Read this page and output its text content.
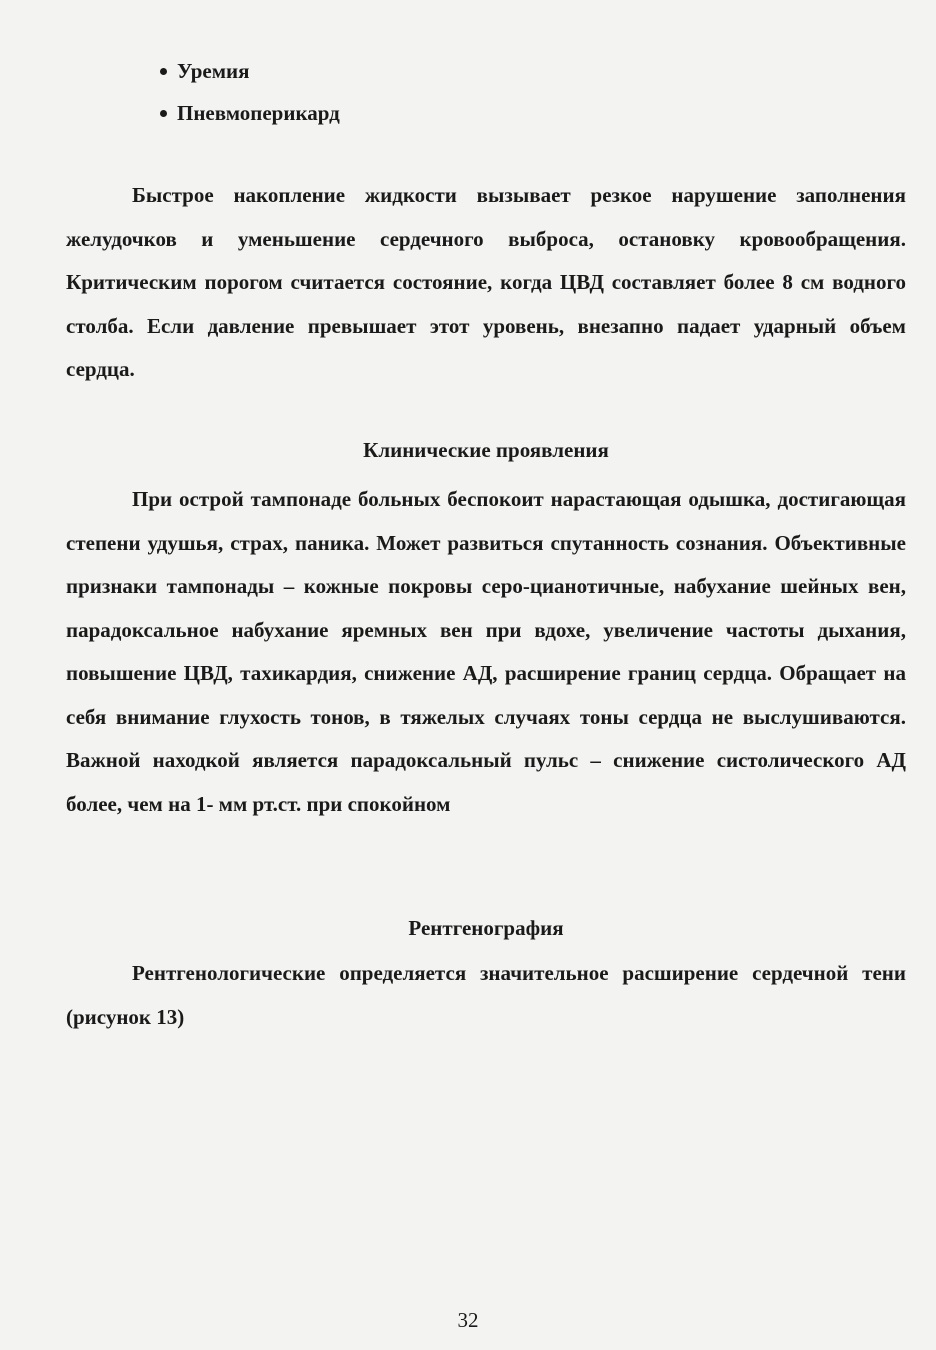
Уремия
Пневмоперикард

Быстрое накопление жидкости вызывает резкое нарушение заполнения желудочков и уменьшение сердечного выброса, остановку кровообращения. Критическим порогом считается состояние, когда ЦВД составляет более 8 см водного столба. Если давление превышает этот уровень, внезапно падает ударный объем сердца.

Клинические проявления

При острой тампонаде больных беспокоит нарастающая одышка, достигающая степени удушья, страх, паника. Может развиться спутанность сознания. Объективные признаки тампонады – кожные покровы серо-цианотичные, набухание шейных вен, парадоксальное набухание яремных вен при вдохе, увеличение частоты дыхания, повышение ЦВД, тахикардия, снижение АД, расширение границ сердца. Обращает на себя внимание глухость тонов, в тяжелых случаях тоны сердца не выслушиваются. Важной находкой является парадоксальный пульс – снижение систолического АД более, чем на 1- мм рт.ст. при спокойном

Рентгенография

Рентгенологические определяется значительное расширение сердечной тени (рисунок 13)

32
